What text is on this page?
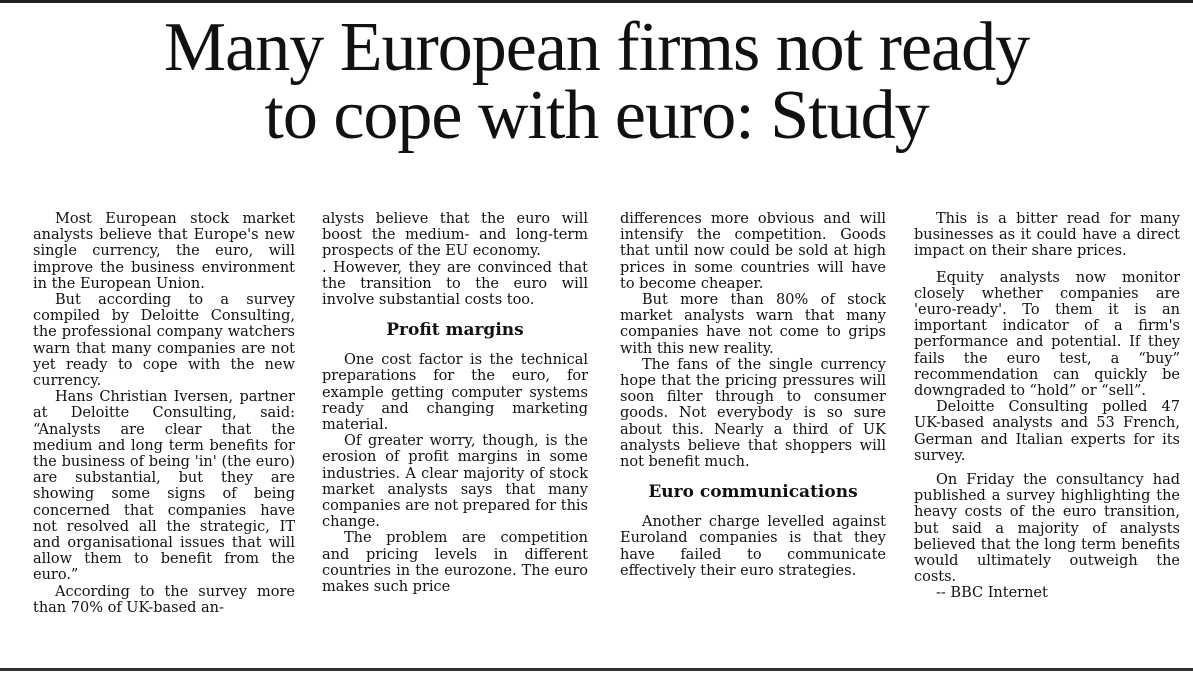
Many European firms not ready
to cope with euro: Study

Most European stock market analysts believe that Europe's new single currency, the euro, will improve the business environment in the European Union.

But according to a survey compiled by Deloitte Consulting, the professional company watchers warn that many companies are not yet ready to cope with the new currency.

Hans Christian Iversen, partner at Deloitte Consulting, said: “Analysts are clear that the medium and long term benefits for the business of being 'in' (the euro) are substantial, but they are showing some signs of being concerned that companies have not resolved all the strategic, IT and organisational issues that will allow them to benefit from the euro.”

According to the survey more than 70% of UK-based an-

alysts believe that the euro will boost the medium- and long-term prospects of the EU economy.

. However, they are convinced that the transition to the euro will involve substantial costs too.

Profit margins

One cost factor is the technical preparations for the euro, for example getting computer systems ready and changing marketing material.

Of greater worry, though, is the erosion of profit margins in some industries. A clear majority of stock market analysts says that many companies are not prepared for this change.

The problem are competition and pricing levels in different countries in the eurozone. The euro makes such price

differences more obvious and will intensify the competition. Goods that until now could be sold at high prices in some countries will have to become cheaper.

But more than 80% of stock market analysts warn that many companies have not come to grips with this new reality.

The fans of the single currency hope that the pricing pressures will soon filter through to consumer goods. Not everybody is so sure about this. Nearly a third of UK analysts believe that shoppers will not benefit much.

Euro communications

Another charge levelled against Euroland companies is that they have failed to communicate effectively their euro strategies.

This is a bitter read for many businesses as it could have a direct impact on their share prices.

Equity analysts now monitor closely whether companies are 'euro-ready'. To them it is an important indicator of a firm's performance and potential. If they fails the euro test, a “buy” recommendation can quickly be downgraded to “hold” or “sell”.

Deloitte Consulting polled 47 UK-based analysts and 53 French, German and Italian experts for its survey.

On Friday the consultancy had published a survey highlighting the heavy costs of the euro transition, but said a majority of analysts believed that the long term benefits would ultimately outweigh the costs.

-- BBC Internet
